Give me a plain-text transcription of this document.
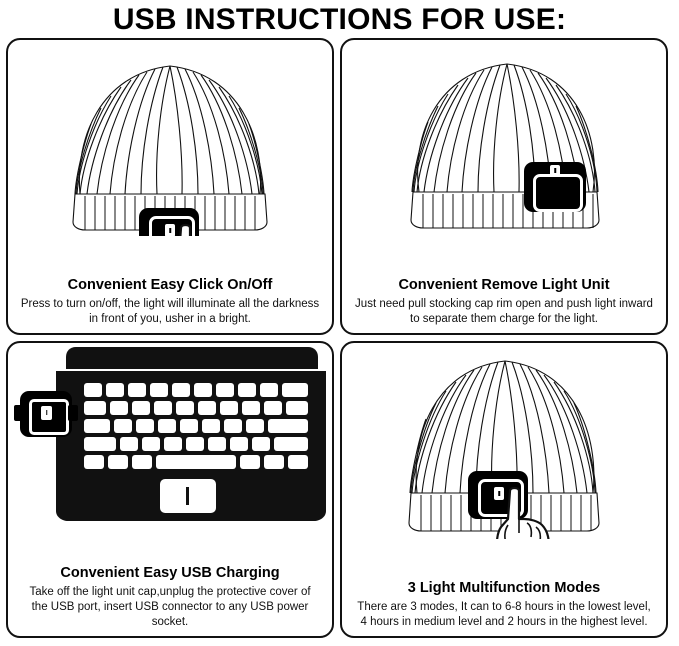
USB INSTRUCTIONS FOR USE:
Convenient Easy Click On/Off
Press to turn on/off, the light will illuminate all the darkness in front of you, usher in a bright.
Convenient Remove Light Unit
Just need pull stocking cap rim open and push light inward to separate them charge for the light.
Convenient Easy USB Charging
Take off the light unit cap,unplug the protective cover of the USB port, insert USB connector to any USB power socket.
3 Light Multifunction Modes
There are 3 modes, It can to 6-8 hours in the lowest level, 4 hours in medium level and 2 hours in the highest level.
